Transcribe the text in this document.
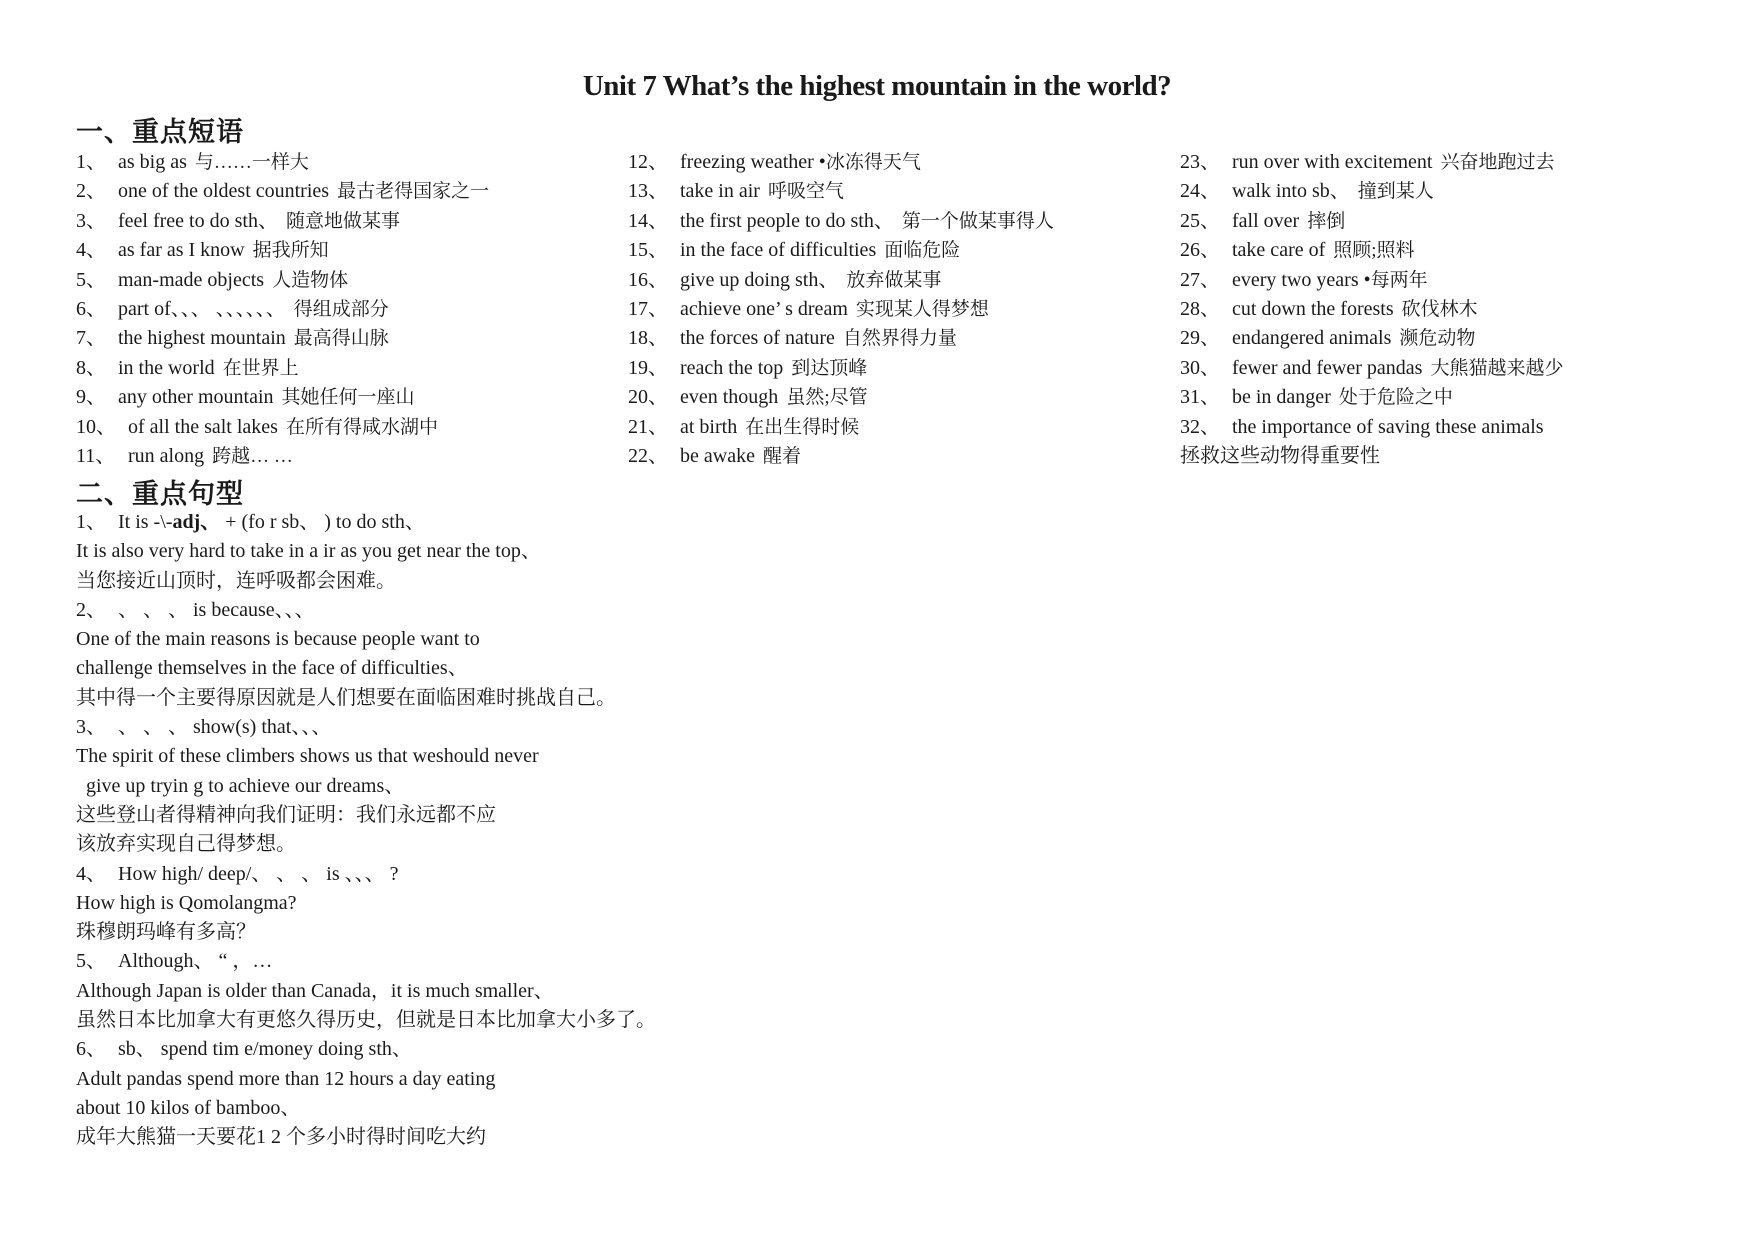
Unit 7 What’s the highest mountain in the world?
一、重点短语
1、 as big as 与……一样大
2、 one of the oldest countries 最古老得国家之一
3、 feel free to do sth、 随意地做某事
4、 as far as I know 据我所知
5、 man-made objects 人造物体
6、 part of、、、 、、、、、、 得组成部分
7、 the highest mountain 最高得山脉
8、 in the world 在世界上
9、 any other mountain 其她任何一座山
10、 of all the salt lakes 在所有得咸水湖中
11、 run along 跨越… …
12、 freezing weather •冰冻得天气
13、 take in air 呼吸空气
14、 the first people to do sth、 第一个做某事得人
15、 in the face of difficulties 面临危险
16、 give up doing sth、 放弃做某事
17、 achieve one’ s dream 实现某人得梦想
18、 the forces of nature 自然界得力量
19、 reach the top 到达顶峰
20、 even though 虽然;尽管
21、 at birth 在出生得时候
22、 be awake 醒着
23、 run over with excitement 兴奋地跑过去
24、 walk into sb、 撞到某人
25、 fall over 摔倒
26、 take care of 照顾;照料
27、 every two years •每两年
28、 cut down the forests 砍伐林木
29、 endangered animals 濒危动物
30、 fewer and fewer pandas 大熊猫越来越少
31、 be in danger 处于危险之中
32、 the importance of saving these animals
拯救这些动物得重要性
二、重点句型
1、 It is -\-adj、 + (fo r sb、 ) to do sth、
It is also very hard to take in a ir as you get near the top、
当您接近山顶时，连呼吸都会困难。
2、 、 、 、 is because、、、
One of the main reasons is because people want to
challenge themselves in the face of difficulties、
其中得一个主要得原因就是人们想要在面临困难时挑战自己。
3、 、 、 、 show(s) that、、、
The spirit of these climbers shows us that weshould never
give up tryin g to achieve our dreams、
这些登山者得精神向我们证明：我们永远都不应
该放弃实现自己得梦想。
4、 How high/ deep/、 、 、 is 、、、 ?
How high is Qomolangma?
珠穆朗玛峰有多高？
5、 Although、 “ ，…
Although Japan is older than Canada，it is much smaller、
虽然日本比加拿大有更悠久得历史，但就是日本比加拿大小多了。
6、 sb、 spend tim e/money doing sth、
Adult pandas spend more than 12 hours a day eating
about 10 kilos of bamboo、
成年大熊猫一天要花1 2 个多小时得时间吃大约
